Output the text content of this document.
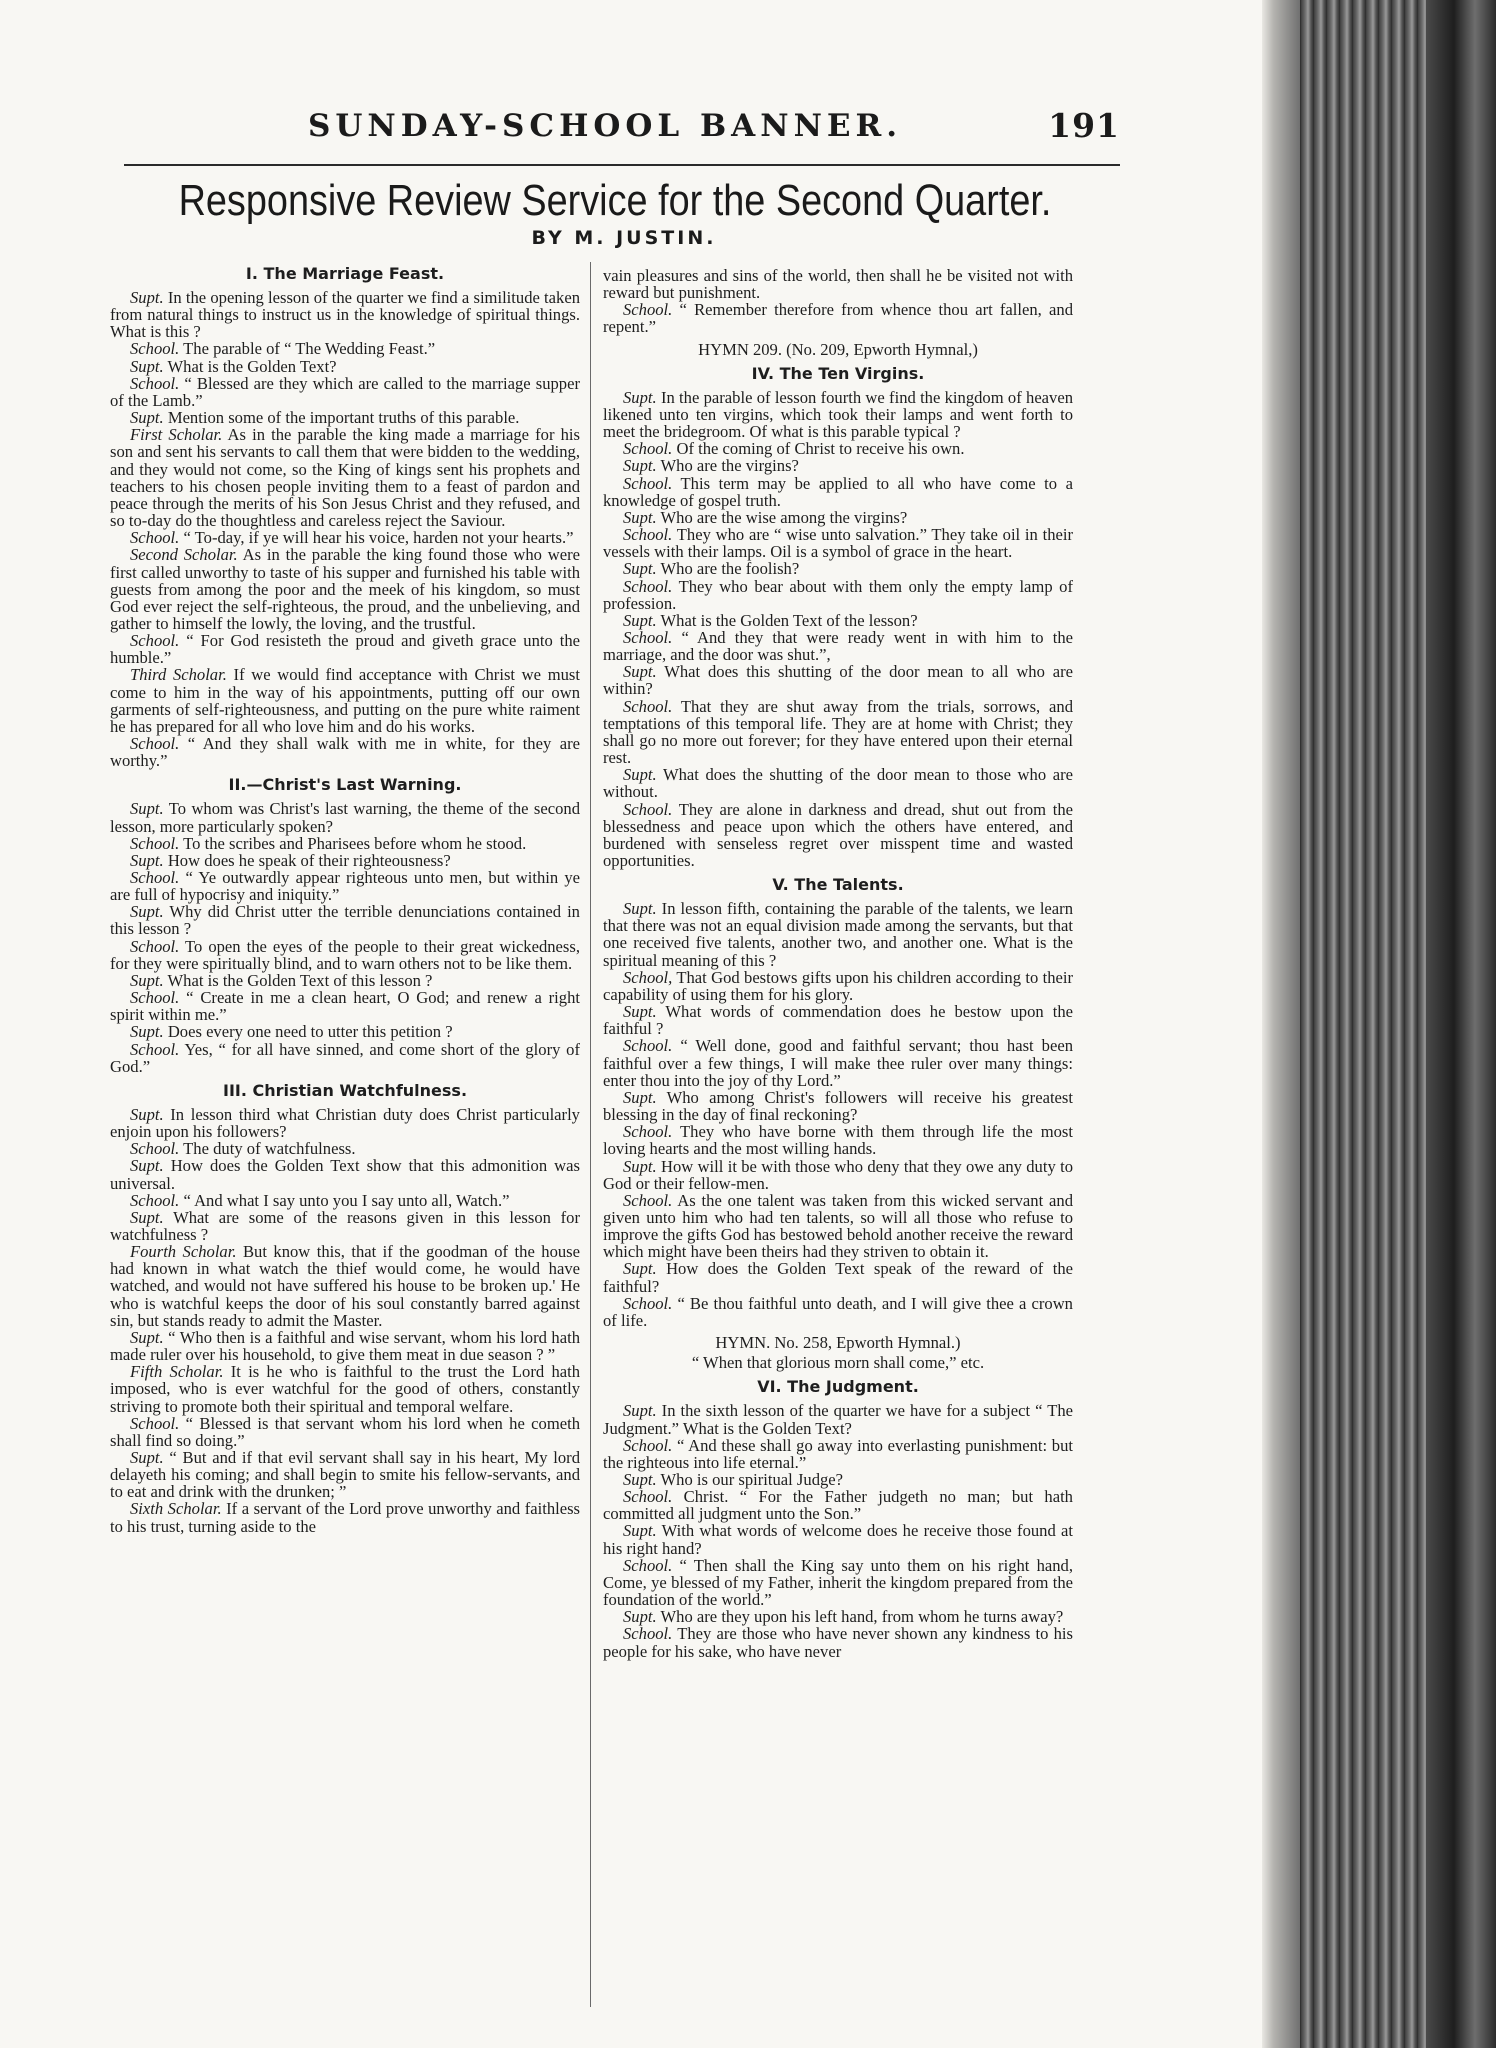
SUNDAY-SCHOOL BANNER.	191
Responsive Review Service for the Second Quarter.
BY M. JUSTIN.

I. The Marriage Feast.

Supt. In the opening lesson of the quarter we find a similitude taken from natural things to instruct us in the knowledge of spiritual things. What is this ?

School. The parable of “ The Wedding Feast.”

Supt. What is the Golden Text?

School. “ Blessed are they which are called to the marriage supper of the Lamb.”

Supt. Mention some of the important truths of this parable.

First Scholar. As in the parable the king made a marriage for his son and sent his servants to call them that were bidden to the wedding, and they would not come, so the King of kings sent his prophets and teachers to his chosen people inviting them to a feast of pardon and peace through the merits of his Son Jesus Christ and they refused, and so to-day do the thoughtless and careless reject the Saviour.

School. “ To-day, if ye will hear his voice, harden not your hearts.”

Second Scholar. As in the parable the king found those who were first called unworthy to taste of his supper and furnished his table with guests from among the poor and the meek of his kingdom, so must God ever reject the self-righteous, the proud, and the unbelieving, and gather to himself the lowly, the loving, and the trustful.

School. “ For God resisteth the proud and giveth grace unto the humble.”

Third Scholar. If we would find acceptance with Christ we must come to him in the way of his appointments, putting off our own garments of self-righteousness, and putting on the pure white raiment he has prepared for all who love him and do his works.

School. “ And they shall walk with me in white, for they are worthy.”

II.—Christ's Last Warning.

Supt. To whom was Christ's last warning, the theme of the second lesson, more particularly spoken?

School. To the scribes and Pharisees before whom he stood.

Supt. How does he speak of their righteousness?

School. “ Ye outwardly appear righteous unto men, but within ye are full of hypocrisy and iniquity.”

Supt. Why did Christ utter the terrible denunciations contained in this lesson ?

School. To open the eyes of the people to their great wickedness, for they were spiritually blind, and to warn others not to be like them.

Supt. What is the Golden Text of this lesson ?

School. “ Create in me a clean heart, O God; and renew a right spirit within me.”

Supt. Does every one need to utter this petition ?

School. Yes, “ for all have sinned, and come short of the glory of God.”

III. Christian Watchfulness.

Supt. In lesson third what Christian duty does Christ particularly enjoin upon his followers?

School. The duty of watchfulness.

Supt. How does the Golden Text show that this admonition was universal.

School. “ And what I say unto you I say unto all, Watch.”

Supt. What are some of the reasons given in this lesson for watchfulness ?

Fourth Scholar. But know this, that if the goodman of the house had known in what watch the thief would come, he would have watched, and would not have suffered his house to be broken up.' He who is watchful keeps the door of his soul constantly barred against sin, but stands ready to admit the Master.

Supt. “ Who then is a faithful and wise servant, whom his lord hath made ruler over his household, to give them meat in due season ? ”

Fifth Scholar. It is he who is faithful to the trust the Lord hath imposed, who is ever watchful for the good of others, constantly striving to promote both their spiritual and temporal welfare.

School. “ Blessed is that servant whom his lord when he cometh shall find so doing.”

Supt. “ But and if that evil servant shall say in his heart, My lord delayeth his coming; and shall begin to smite his fellow-servants, and to eat and drink with the drunken; ”

Sixth Scholar. If a servant of the Lord prove unworthy and faithless to his trust, turning aside to the

vain pleasures and sins of the world, then shall he be visited not with reward but punishment.

School. “ Remember therefore from whence thou art fallen, and repent.”

HYMN 209. (No. 209, Epworth Hymnal,)

IV. The Ten Virgins.

Supt. In the parable of lesson fourth we find the kingdom of heaven likened unto ten virgins, which took their lamps and went forth to meet the bridegroom. Of what is this parable typical ?

School. Of the coming of Christ to receive his own.

Supt. Who are the virgins?

School. This term may be applied to all who have come to a knowledge of gospel truth.

Supt. Who are the wise among the virgins?

School. They who are “ wise unto salvation.” They take oil in their vessels with their lamps. Oil is a symbol of grace in the heart.

Supt. Who are the foolish?

School. They who bear about with them only the empty lamp of profession.

Supt. What is the Golden Text of the lesson?

School. “ And they that were ready went in with him to the marriage, and the door was shut.”,

Supt. What does this shutting of the door mean to all who are within?

School. That they are shut away from the trials, sorrows, and temptations of this temporal life. They are at home with Christ; they shall go no more out forever; for they have entered upon their eternal rest.

Supt. What does the shutting of the door mean to those who are without.

School. They are alone in darkness and dread, shut out from the blessedness and peace upon which the others have entered, and burdened with senseless regret over misspent time and wasted opportunities.

V. The Talents.

Supt. In lesson fifth, containing the parable of the talents, we learn that there was not an equal division made among the servants, but that one received five talents, another two, and another one. What is the spiritual meaning of this ?

School, That God bestows gifts upon his children according to their capability of using them for his glory.

Supt. What words of commendation does he bestow upon the faithful ?

School. “ Well done, good and faithful servant; thou hast been faithful over a few things, I will make thee ruler over many things: enter thou into the joy of thy Lord.”

Supt. Who among Christ's followers will receive his greatest blessing in the day of final reckoning?

School. They who have borne with them through life the most loving hearts and the most willing hands.

Supt. How will it be with those who deny that they owe any duty to God or their fellow-men.

School. As the one talent was taken from this wicked servant and given unto him who had ten talents, so will all those who refuse to improve the gifts God has bestowed behold another receive the reward which might have been theirs had they striven to obtain it.

Supt. How does the Golden Text speak of the reward of the faithful?

School. “ Be thou faithful unto death, and I will give thee a crown of life.

HYMN. No. 258, Epworth Hymnal.)

“ When that glorious morn shall come,” etc.

VI. The Judgment.

Supt. In the sixth lesson of the quarter we have for a subject “ The Judgment.” What is the Golden Text?

School. “ And these shall go away into everlasting punishment: but the righteous into life eternal.”

Supt. Who is our spiritual Judge?

School. Christ. “ For the Father judgeth no man; but hath committed all judgment unto the Son.”

Supt. With what words of welcome does he receive those found at his right hand?

School. “ Then shall the King say unto them on his right hand, Come, ye blessed of my Father, inherit the kingdom prepared from the foundation of the world.”

Supt. Who are they upon his left hand, from whom he turns away?

School. They are those who have never shown any kindness to his people for his sake, who have never
